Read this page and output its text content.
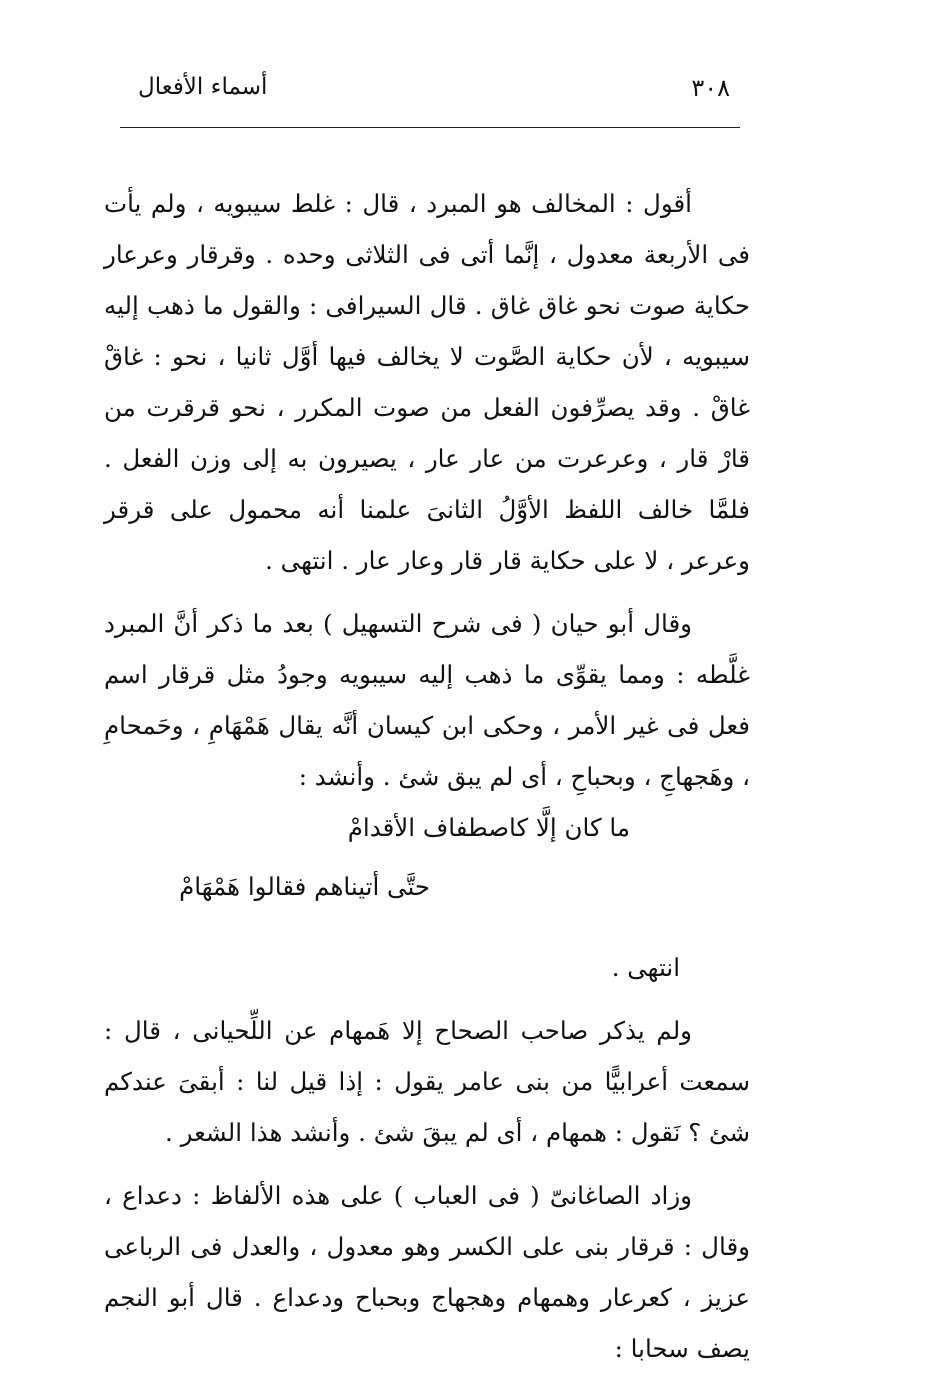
٣٠٨
أسماء الأفعال

أقول : المخالف هو المبرد ، قال : غلط سيبويه ، ولم يأت فى الأربعة معدول ، إنَّما أتى فى الثلاثى وحده . وقرقار وعرعار حكاية صوت نحو غاق غاق . قال السيرافى : والقول ما ذهب إليه سيبويه ، لأن حكاية الصَّوت لا يخالف فيها أوَّل ثانيا ، نحو : غاقْ غاقْ . وقد يصرِّفون الفعل من صوت المكرر ، نحو قرقرت من قارْ قار ، وعرعرت من عار عار ، يصيرون به إلى وزن الفعل . فلمَّا خالف اللفظ الأوَّلُ الثانىَ علمنا أنه محمول على قرقر وعرعر ، لا على حكاية قار قار وعار عار . انتهى .

وقال أبو حيان ( فى شرح التسهيل ) بعد ما ذكر أنَّ المبرد غلَّطه : ومما يقوِّى ما ذهب إليه سيبويه وجودُ مثل قرقار اسم فعل فى غير الأمر ، وحكى ابن كيسان أنَّه يقال هَمْهَامِ ، وحَمحامِ ، وهَجهاجِ ، وبحباحِ ، أى لم يبق شئ . وأنشد :

ما كان إلَّا كاصطفاف الأقدامْ

حتَّى أتيناهم فقالوا هَمْهَامْ

انتهى .

ولم يذكر صاحب الصحاح إلا هَمهام عن اللِّحيانى ، قال : سمعت أعرابيًّا من بنى عامر يقول : إذا قيل لنا : أبقىَ عندكم شئ ؟ نَقول : همهام ، أى لم يبقَ شئ . وأنشد هذا الشعر .

وزاد الصاغانىّ ( فى العباب ) على هذه الألفاظ : دعداع ، وقال : قرقار بنى على الكسر وهو معدول ، والعدل فى الرباعى عزيز ، كعرعار وهمهام وهجهاج وبحباح ودعداع . قال أبو النجم يصف سحابا :
